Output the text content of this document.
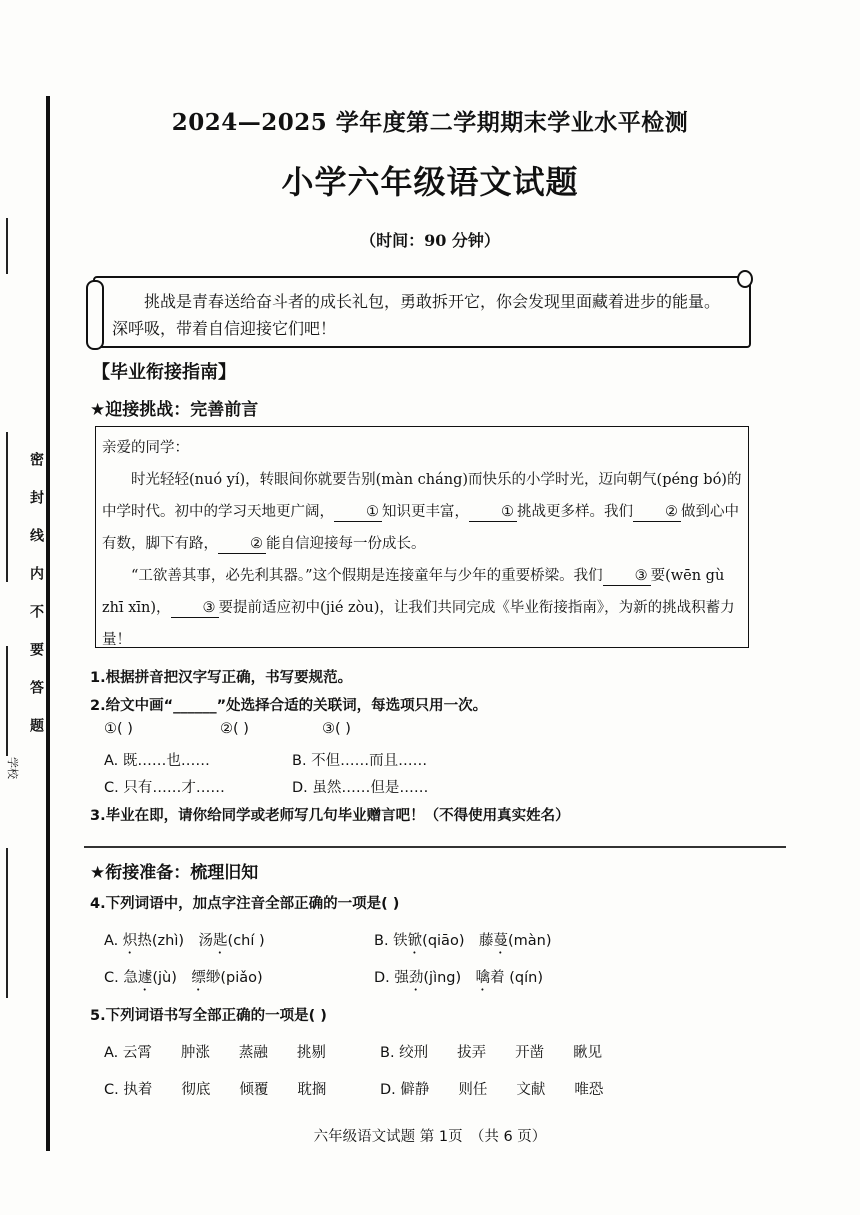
学校
密封线内不要答题
2024—2025 学年度第二学期期末学业水平检测
小学六年级语文试题
（时间：90 分钟）
挑战是青春送给奋斗者的成长礼包，勇敢拆开它，你会发现里面藏着进步的能量。深呼吸，带着自信迎接它们吧！
【毕业衔接指南】
★迎接挑战：完善前言

亲爱的同学：

时光轻轻(nuó yí)，转眼间你就要告别(màn cháng)而快乐的小学时光，迈向朝气(péng bó)的中学时代。初中的学习天地更广阔， ① 知识更丰富， ① 挑战更多样。我们 ② 做到心中有数，脚下有路， ② 能自信迎接每一份成长。

“工欲善其事，必先利其器。”这个假期是连接童年与少年的重要桥梁。我们 ③ 要(wēn gù zhī xīn)， ③ 要提前适应初中(jié zòu)，让我们共同完成《毕业衔接指南》，为新的挑战积蓄力量！

1.根据拼音把汉字写正确，书写要规范。
2.给文中画“______”处选择合适的关联词，每选项只用一次。
①( )	②( )	③( )
A. 既……也……	B. 不但……而且……
C. 只有……才……	D. 虽然……但是……
3.毕业在即，请你给同学或老师写几句毕业赠言吧！（不得使用真实姓名）
★衔接准备：梳理旧知
4.下列词语中，加点字注音全部正确的一项是( )
A. 炽热(zhì)　 汤匙(chí )	B. 铁锨(qiāo)　 藤蔓(màn)
C. 急遽(jù)　 缥缈(piǎo)	D. 强劲(jìng)　 噙着 (qín)
5.下列词语书写全部正确的一项是( )
A. 云霄　　肿涨　　蒸融　　挑剔	B. 绞刑　　拔弄　　开凿　　瞅见
C. 执着　　彻底　　倾覆　　耽搁	D. 僻静　　则任　　文献　　唯恐
六年级语文试题 第 1页　（共 6 页）
